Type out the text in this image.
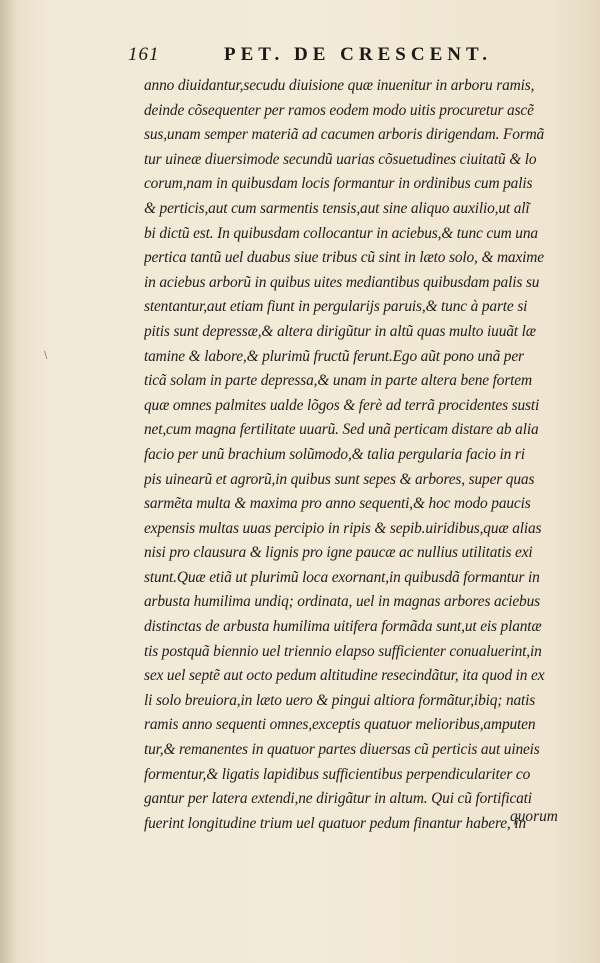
161	PET. DE CRESCENT.
\
anno diuidantur,secudu diuisione quæ inuenitur in arboru ramis,
deinde cõsequenter per ramos eodem modo uitis procuretur ascẽ
sus,unam semper materiã ad cacumen arboris dirigendam. Formã
tur uineæ diuersimode secundũ uarias cõsuetudines ciuitatũ & lo
corum,nam in quibusdam locis formantur in ordinibus cum palis
& perticis,aut cum sarmentis tensis,aut sine aliquo auxilio,ut alĩ
bi dictũ est. In quibusdam collocantur in aciebus,& tunc cum una
pertica tantũ uel duabus siue tribus cũ sint in læto solo, & maxime
in aciebus arborũ in quibus uites mediantibus quibusdam palis su
stentantur,aut etiam fiunt in pergularijs paruis,& tunc à parte si
pitis sunt depressæ,& altera dirigũtur in altũ quas multo iuuãt læ
tamine & labore,& plurimũ fructũ ferunt.Ego aũt pono unã per
ticã solam in parte depressa,& unam in parte altera bene fortem
quæ omnes palmites ualde lõgos & ferè ad terrã procidentes susti
net,cum magna fertilitate uuarũ. Sed unã perticam distare ab alia
facio per unũ brachium solũmodo,& talia pergularia facio in ri
pis uinearũ et agrorũ,in quibus sunt sepes & arbores, super quas
sarmẽta multa & maxima pro anno sequenti,& hoc modo paucis
expensis multas uuas percipio in ripis & sepib.uiridibus,quæ alias
nisi pro clausura & lignis pro igne paucæ ac nullius utilitatis exi
stunt.Quæ etiã ut plurimũ loca exornant,in quibusdã formantur in
arbusta humilima undiq; ordinata, uel in magnas arbores aciebus
distinctas de arbusta humilima uitifera formãda sunt,ut eis plantæ
tis postquã biennio uel triennio elapso sufficienter conualuerint,in
sex uel septẽ aut octo pedum altitudine resecindãtur, ita quod in ex
li solo breuiora,in læto uero & pingui altiora formãtur,ibiq; natis
ramis anno sequenti omnes,exceptis quatuor melioribus,amputen
tur,& remanentes in quatuor partes diuersas cũ perticis aut uineis
formentur,& ligatis lapidibus sufficientibus perpendiculariter co
gantur per latera extendi,ne dirigãtur in altum. Qui cũ fortificati
fuerint longitudine trium uel quatuor pedum finantur habere, in
quorum
